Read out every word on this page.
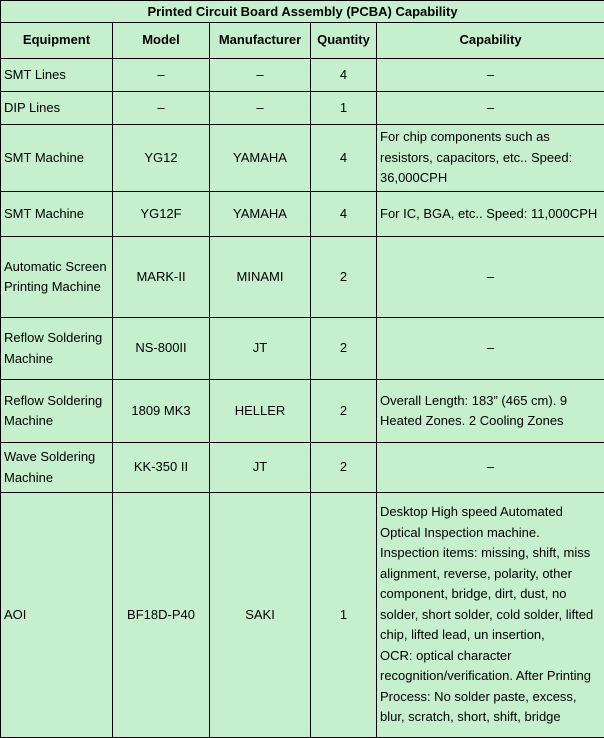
Printed Circuit Board Assembly (PCBA) Capability				
Equipment	Model	Manufacturer	Quantity	Capability
SMT Lines	–	–	4	–
DIP Lines	–	–	1	–
SMT Machine	YG12	YAMAHA	4	For chip components such as resistors, capacitors, etc.. Speed: 36,000CPH
SMT Machine	YG12F	YAMAHA	4	For IC, BGA, etc.. Speed: 11,000CPH
Automatic Screen Printing Machine	MARK-II	MINAMI	2	–
Reflow Soldering Machine	NS-800II	JT	2	–
Reflow Soldering Machine	1809 MK3	HELLER	2	Overall Length: 183” (465 cm). 9 Heated Zones. 2 Cooling Zones
Wave Soldering Machine	KK-350 II	JT	2	–
AOI	BF18D-P40	SAKI	1	Desktop High speed Automated Optical Inspection machine.
Inspection items: missing, shift, miss alignment, reverse, polarity, other component, bridge, dirt, dust, no solder, short solder, cold solder, lifted chip, lifted lead, un insertion,
OCR: optical character recognition/verification. After Printing Process: No solder paste, excess, blur, scratch, short, shift, bridge
